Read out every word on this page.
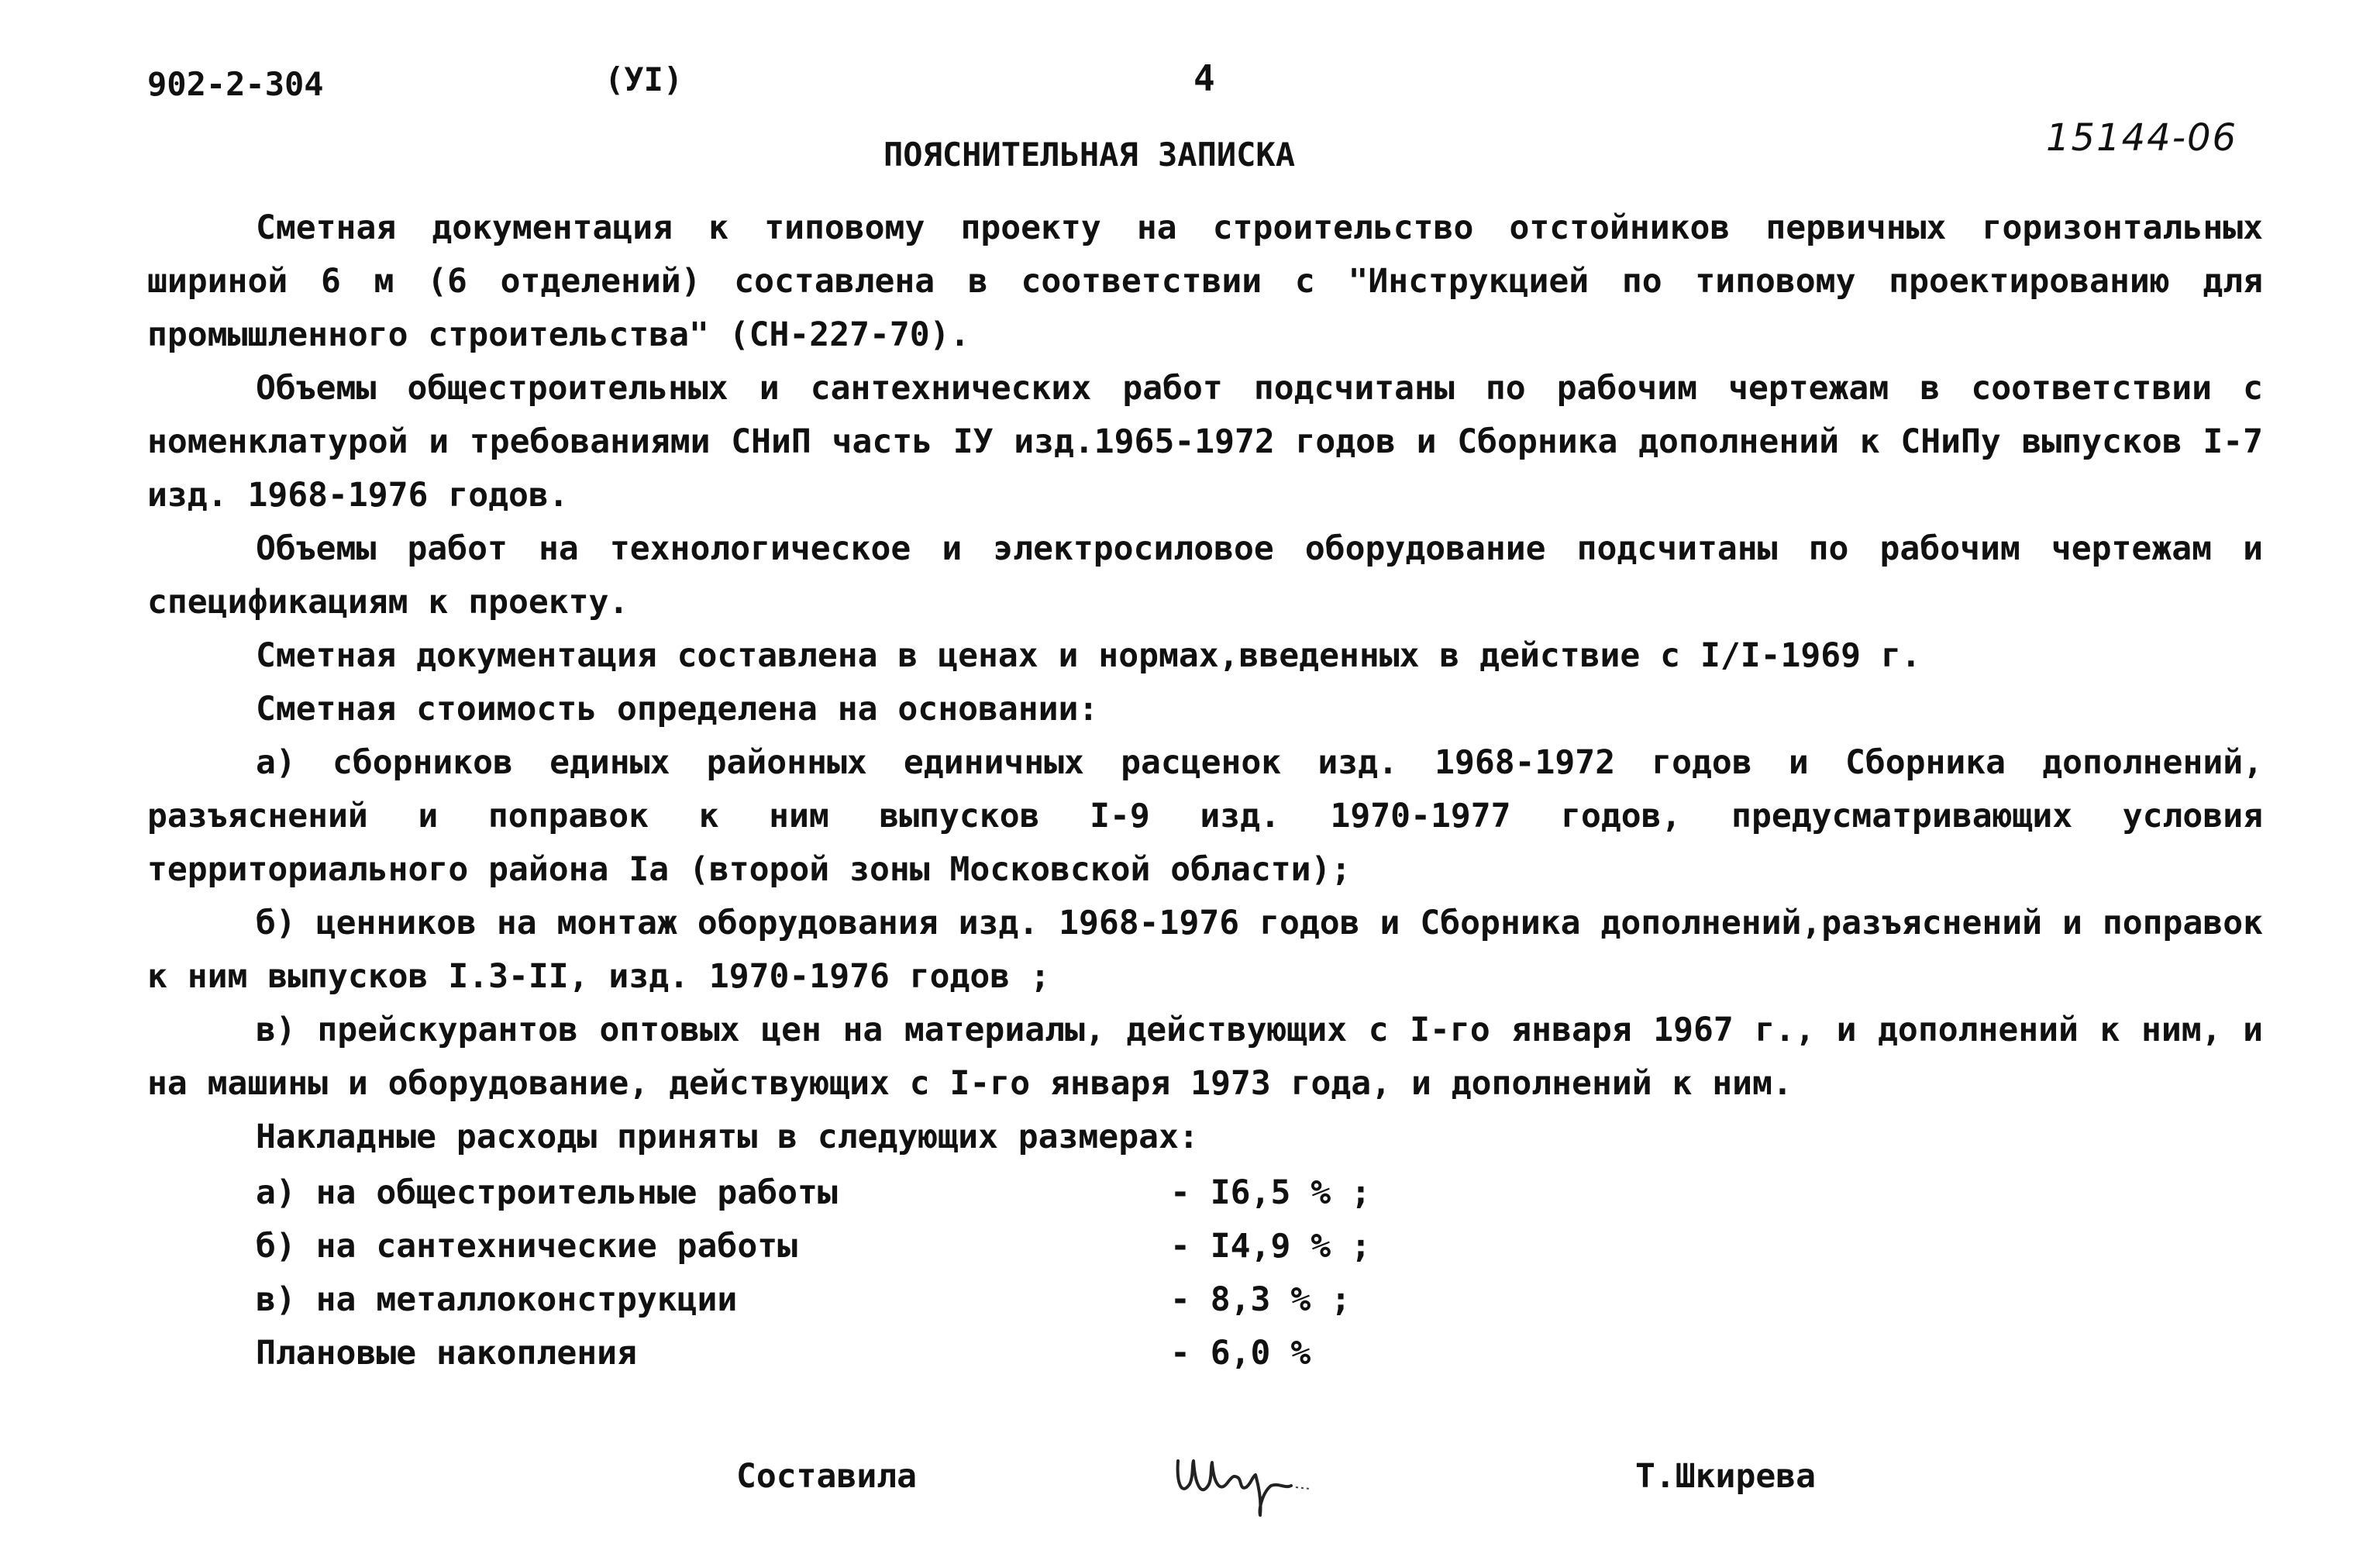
902-2-304	(УI)	4
15144-06
ПОЯСНИТЕЛЬНАЯ ЗАПИСКА

Сметная документация к типовому проекту на строительство отстойников первичных горизонтальных шириной 6 м (6 отделений) составлена в соответствии с "Инструкцией по типовому проектированию для промышленного строительства" (СН-227-70).

Объемы общестроительных и сантехнических работ подсчитаны по рабочим чертежам в соответствии с номенклатурой и требованиями СНиП часть IУ изд.1965-1972 годов и Сборника дополнений к СНиПу выпусков I-7 изд. 1968-1976 годов.

Объемы работ на технологическое и электросиловое оборудование подсчитаны по рабочим чертежам и спецификациям к проекту.

Сметная документация составлена в ценах и нормах,введенных в действие с I/I-1969 г.

Сметная стоимость определена на основании:

а) сборников единых районных единичных расценок изд. 1968-1972 годов и Сборника дополнений, разъяснений и поправок к ним выпусков I-9 изд. 1970-1977 годов, предусматривающих условия территориального района Iа (второй зоны Московской области);

б) ценников на монтаж оборудования изд. 1968-1976 годов и Сборника дополнений,разъяснений и поправок к ним выпусков I.3-II, изд. 1970-1976 годов ;

в) прейскурантов оптовых цен на материалы, действующих с I-го января 1967 г., и дополнений к ним, и на машины и оборудование, действующих с I-го января 1973 года, и дополнений к ним.

Накладные расходы приняты в следующих размерах:

а) на общестроительные работы	- I6,5 % ;
б) на сантехнические работы	- I4,9 % ;
в) на металлоконструкции	- 8,3 % ;
Плановые накопления	- 6,0 %
Составила	Т.Шкирева
